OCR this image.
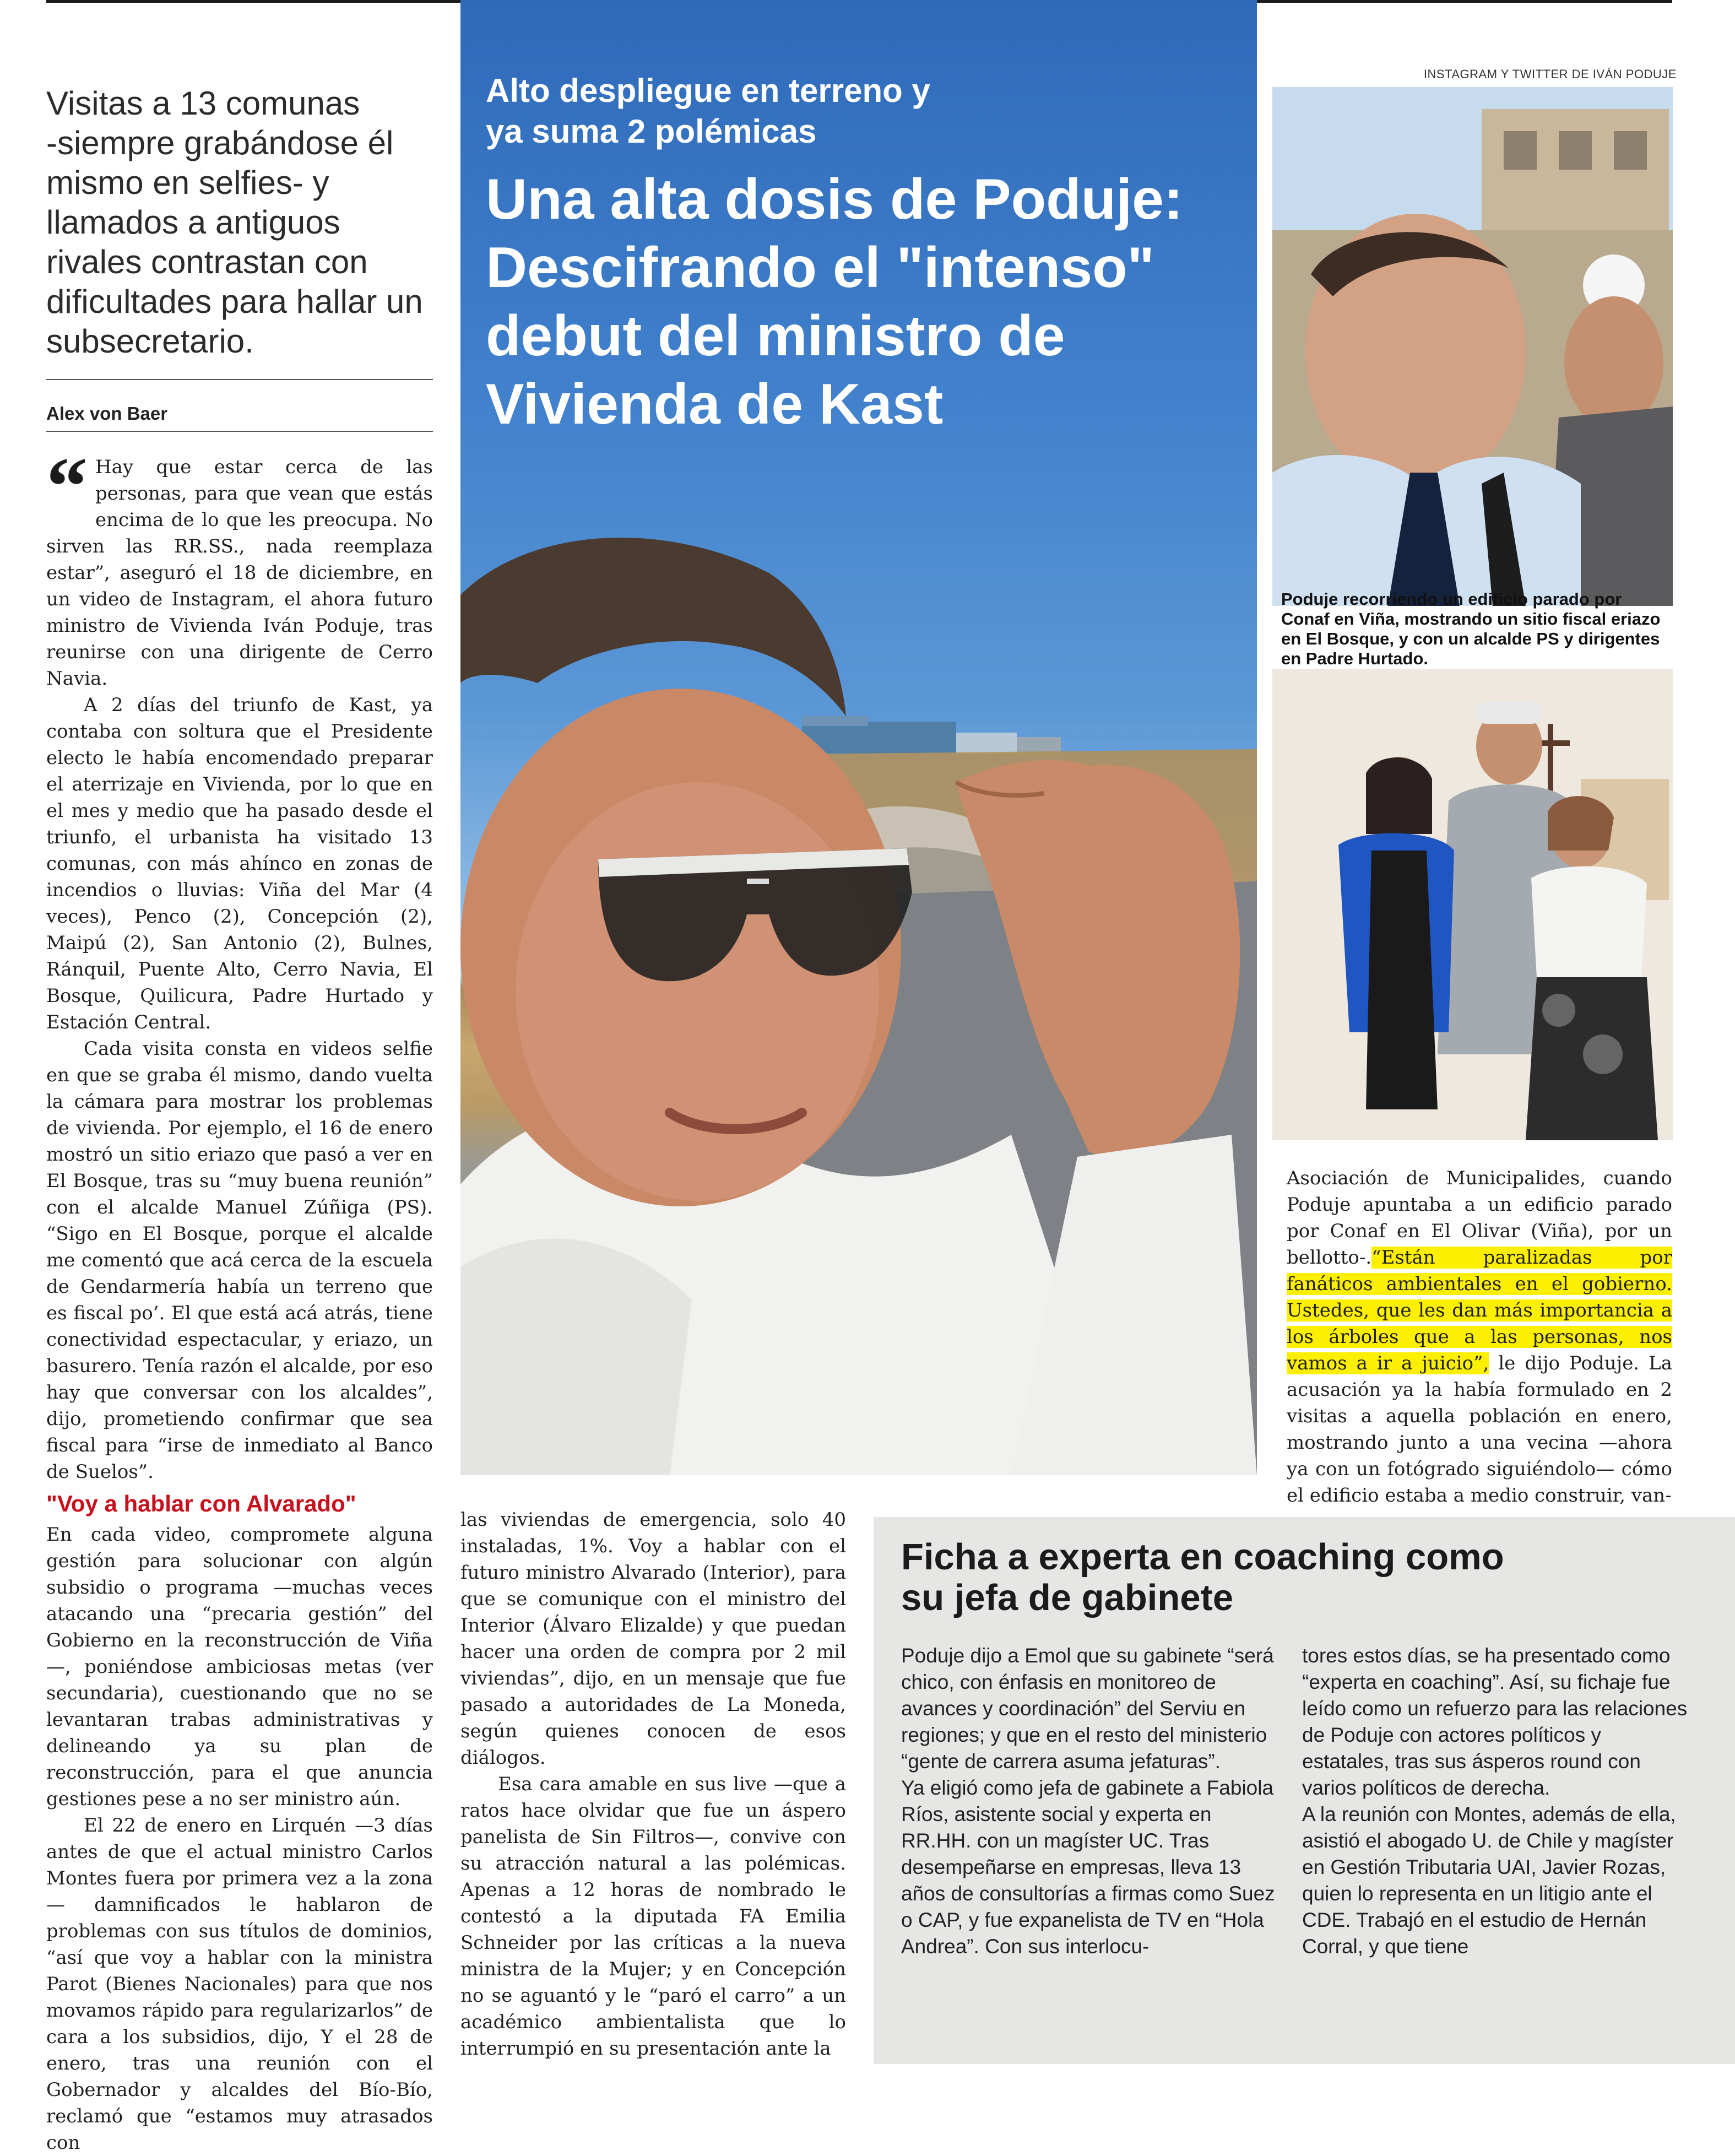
Visitas a 13 comunas
-siempre grabándose él
mismo en selfies- y
llamados a antiguos
rivales contrastan con
dificultades para hallar un
subsecretario.
Alex von Baer

“ Hay que estar cerca de las personas, para que vean que estás encima de lo que les preocupa. No sirven las RR.SS., nada reemplaza estar”, aseguró el 18 de diciembre, en un video de Instagram, el ahora futuro ministro de Vivienda Iván Poduje, tras reunirse con una dirigente de Cerro Navia.

A 2 días del triunfo de Kast, ya contaba con soltura que el Presidente electo le había encomendado preparar el aterrizaje en Vivienda, por lo que en el mes y medio que ha pasado desde el triunfo, el urbanista ha visitado 13 comunas, con más ahínco en zonas de incendios o lluvias: Viña del Mar (4 veces), Penco (2), Concepción (2), Maipú (2), San Antonio (2), Bulnes, Ránquil, Puente Alto, Cerro Navia, El Bosque, Quilicura, Padre Hurtado y Estación Central.

Cada visita consta en videos selfie en que se graba él mismo, dando vuelta la cámara para mostrar los problemas de vivienda. Por ejemplo, el 16 de enero mostró un sitio eriazo que pasó a ver en El Bosque, tras su “muy buena reunión” con el alcalde Manuel Zúñiga (PS). “Sigo en El Bosque, porque el alcalde me comentó que acá cerca de la escuela de Gendarmería había un terreno que es fiscal po’. El que está acá atrás, tiene conectividad espectacular, y eriazo, un basurero. Tenía razón el alcalde, por eso hay que conversar con los alcaldes”, dijo, prometiendo confirmar que sea fiscal para “irse de inmediato al Banco de Suelos”.

"Voy a hablar con Alvarado"

En cada video, compromete alguna gestión para solucionar con algún subsidio o programa —muchas veces atacando una “precaria gestión” del Gobierno en la reconstrucción de Viña—, poniéndose ambiciosas metas (ver secundaria), cuestionando que no se levantaran trabas administrativas y delineando ya su plan de reconstrucción, para el que anuncia gestiones pese a no ser ministro aún.

El 22 de enero en Lirquén —3 días antes de que el actual ministro Carlos Montes fuera por primera vez a la zona— damnificados le hablaron de problemas con sus títulos de dominios, “así que voy a hablar con la ministra Parot (Bienes Nacionales) para que nos movamos rápido para regularizarlos” de cara a los subsidios, dijo, Y el 28 de enero, tras una reunión con el Gobernador y alcaldes del Bío-Bío, reclamó que “estamos muy atrasados con

Alto despliegue en terreno y
ya suma 2 polémicas
Una alta dosis de Poduje:
Descifrando el "intenso"
debut del ministro de
Vivienda de Kast

las viviendas de emergencia, solo 40 instaladas, 1%. Voy a hablar con el futuro ministro Alvarado (Interior), para que se comunique con el ministro del Interior (Álvaro Elizalde) y que puedan hacer una orden de compra por 2 mil viviendas”, dijo, en un mensaje que fue pasado a autoridades de La Moneda, según quienes conocen de esos diálogos.

Esa cara amable en sus live —que a ratos hace olvidar que fue un áspero panelista de Sin Filtros—, convive con su atracción natural a las polémicas. Apenas a 12 horas de nombrado le contestó a la diputada FA Emilia Schneider por las críticas a la nueva ministra de la Mujer; y en Concepción no se aguantó y le “paró el carro” a un académico ambientalista que lo interrumpió en su presentación ante la

INSTAGRAM Y TWITTER DE IVÁN PODUJE
Poduje recorriendo un edificio parado por Conaf en Viña, mostrando un sitio fiscal eriazo en El Bosque, y con un alcalde PS y dirigentes en Padre Hurtado.

Asociación de Municipalides, cuando Poduje apuntaba a un edificio parado por Conaf en El Olivar (Viña), por un bellotto-.“Están paralizadas por fanáticos ambientales en el gobierno. Ustedes, que les dan más importancia a los árboles que a las personas, nos vamos a ir a juicio”, le dijo Poduje. La acusación ya la había formulado en 2 visitas a aquella población en enero, mostrando junto a una vecina —ahora ya con un fotógrado siguiéndolo— cómo el edificio estaba a medio construir, van-

Ficha a experta en coaching como
su jefa de gabinete

Poduje dijo a Emol que su gabinete “será chico, con énfasis en monitoreo de avances y coordinación” del Serviu en regiones; y que en el resto del ministerio “gente de carrera asuma jefaturas”.

Ya eligió como jefa de gabinete a Fabiola Ríos, asistente social y experta en RR.HH. con un magíster UC. Tras desempeñarse en empresas, lleva 13 años de consultorías a firmas como Suez o CAP, y fue expanelista de TV en “Hola Andrea”. Con sus interlocu-

tores estos días, se ha presentado como “experta en coaching”. Así, su fichaje fue leído como un refuerzo para las relaciones de Poduje con actores políticos y estatales, tras sus ásperos round con varios políticos de derecha.

A la reunión con Montes, además de ella, asistió el abogado U. de Chile y magíster en Gestión Tributaria UAI, Javier Rozas, quien lo representa en un litigio ante el CDE. Trabajó en el estudio de Hernán Corral, y que tiene
